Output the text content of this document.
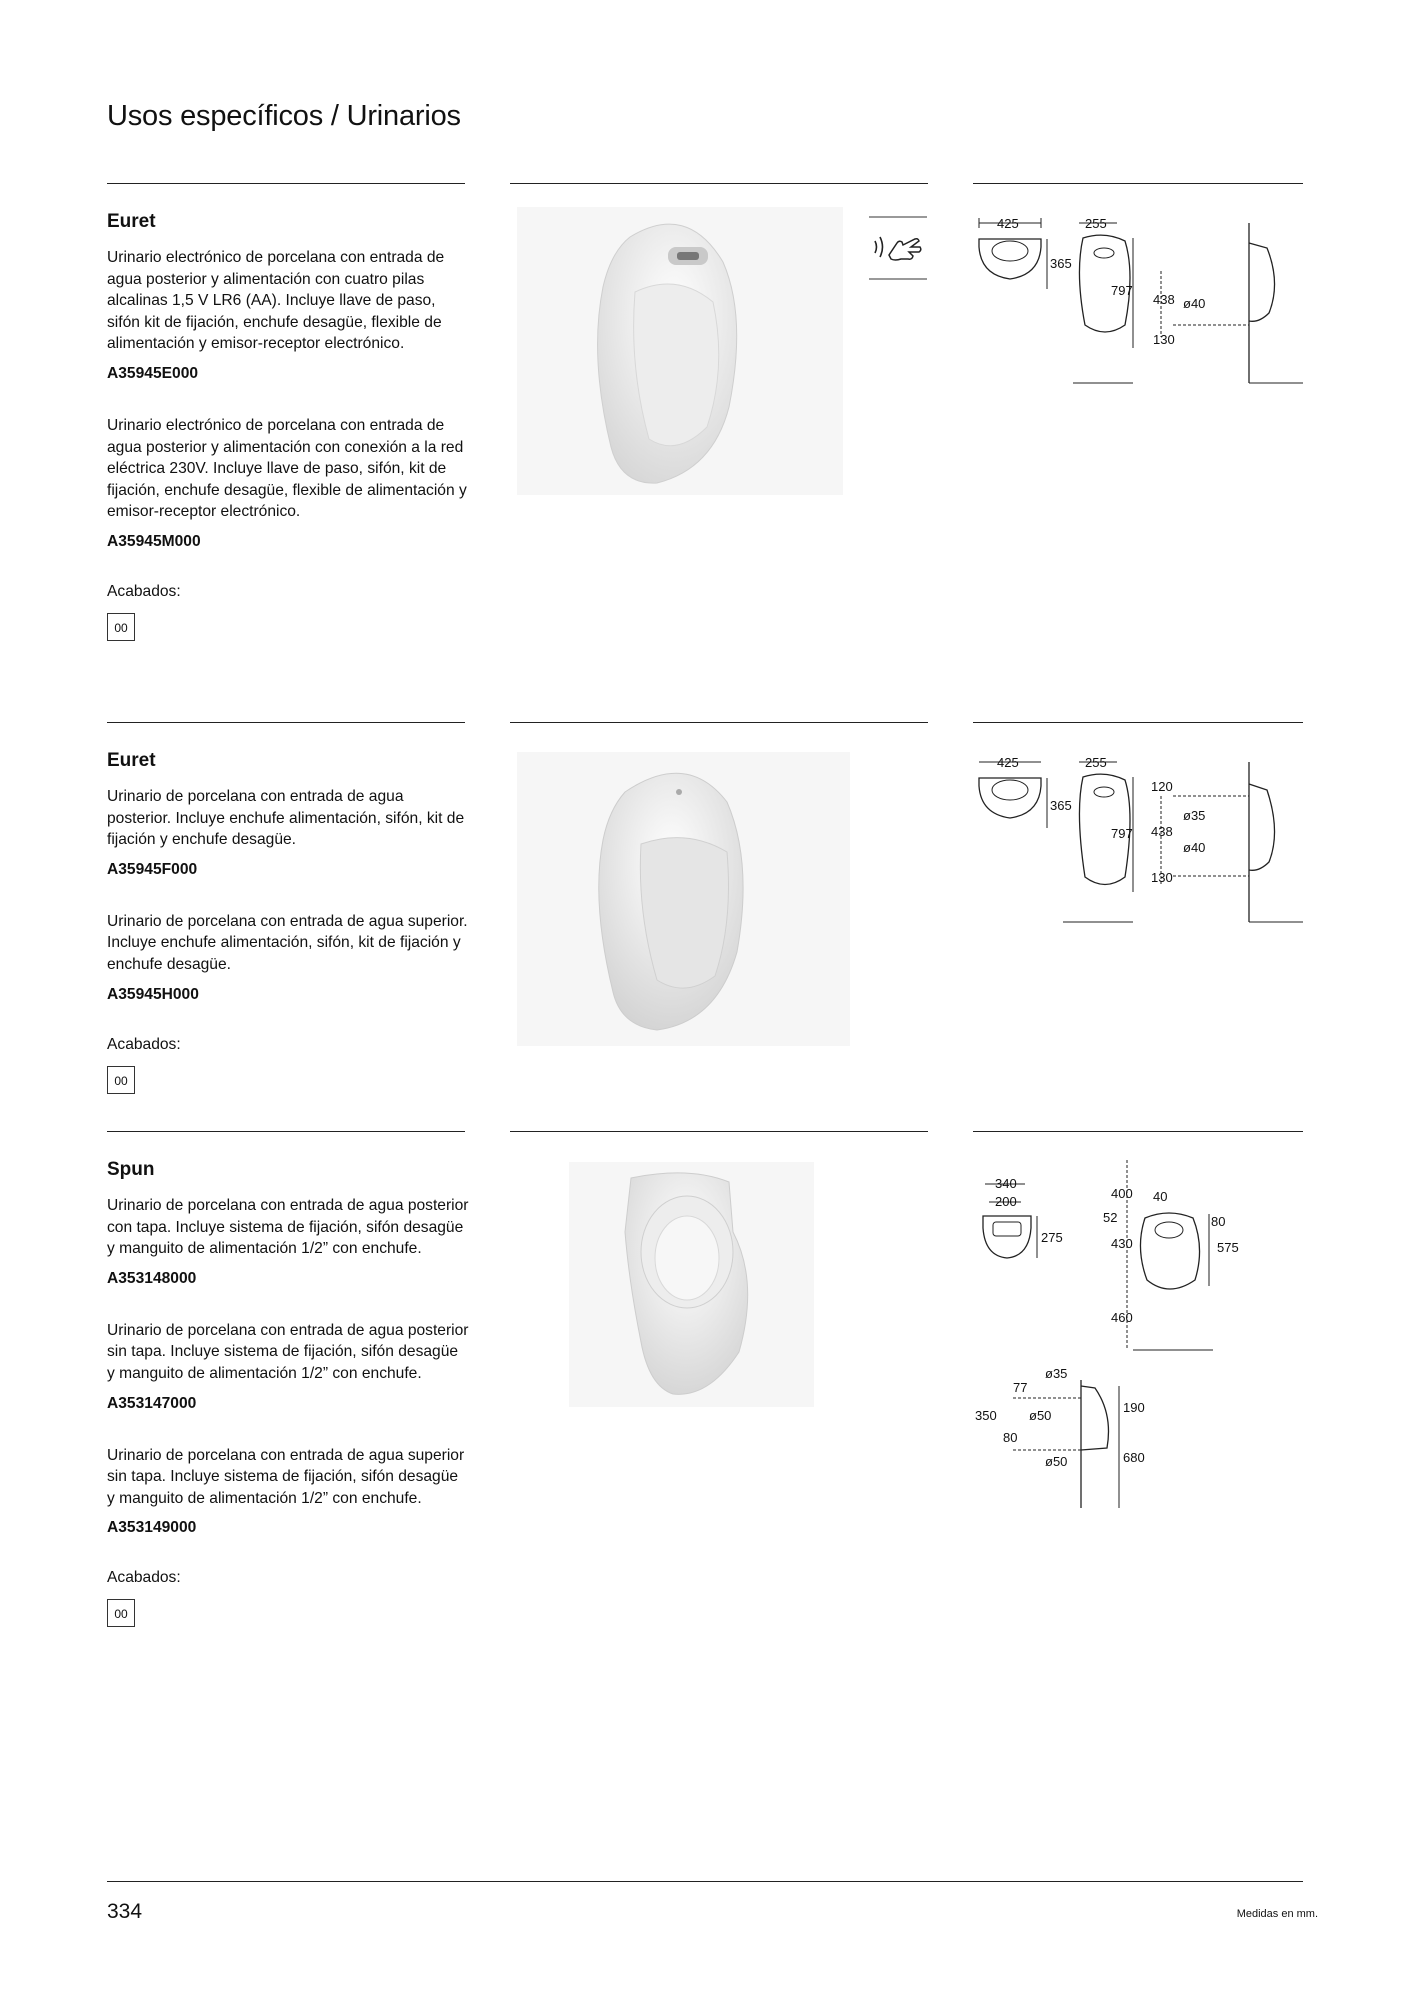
Usos específicos / Urinarios

Euret

Urinario electrónico de porcelana con entrada de agua posterior y alimentación con cuatro pilas alcalinas 1,5 V LR6 (AA). Incluye llave de paso, sifón kit de fijación, enchufe desagüe, flexible de alimentación y emisor-receptor electrónico.

A35945E000

Urinario electrónico de porcelana con entrada de agua posterior y alimentación con conexión a la red eléctrica 230V. Incluye llave de paso, sifón, kit de fijación, enchufe desagüe, flexible de alimentación y emisor-receptor electrónico.

A35945M000

Acabados:

00
425
365
255
797
438 ø40
130

Euret

Urinario de porcelana con entrada de agua posterior. Incluye enchufe alimentación, sifón, kit de fijación y enchufe desagüe.

A35945F000

Urinario de porcelana con entrada de agua superior. Incluye enchufe alimentación, sifón, kit de fijación y enchufe desagüe.

A35945H000

Acabados:

00
425
365
255
797
120
438
ø35
ø40
130

Spun

Urinario de porcelana con entrada de agua posterior con tapa. Incluye sistema de fijación, sifón desagüe y manguito de alimentación 1/2” con enchufe.

A353148000

Urinario de porcelana con entrada de agua posterior sin tapa. Incluye sistema de fijación, sifón desagüe y manguito de alimentación 1/2” con enchufe.

A353147000

Urinario de porcelana con entrada de agua superior sin tapa. Incluye sistema de fijación, sifón desagüe y manguito de alimentación 1/2” con enchufe.

A353149000

Acabados:

00
340
200
275
400 40
52	80
430	575
460
ø35
77
350 ø50
80
ø50
190
680
334	Medidas en mm.
